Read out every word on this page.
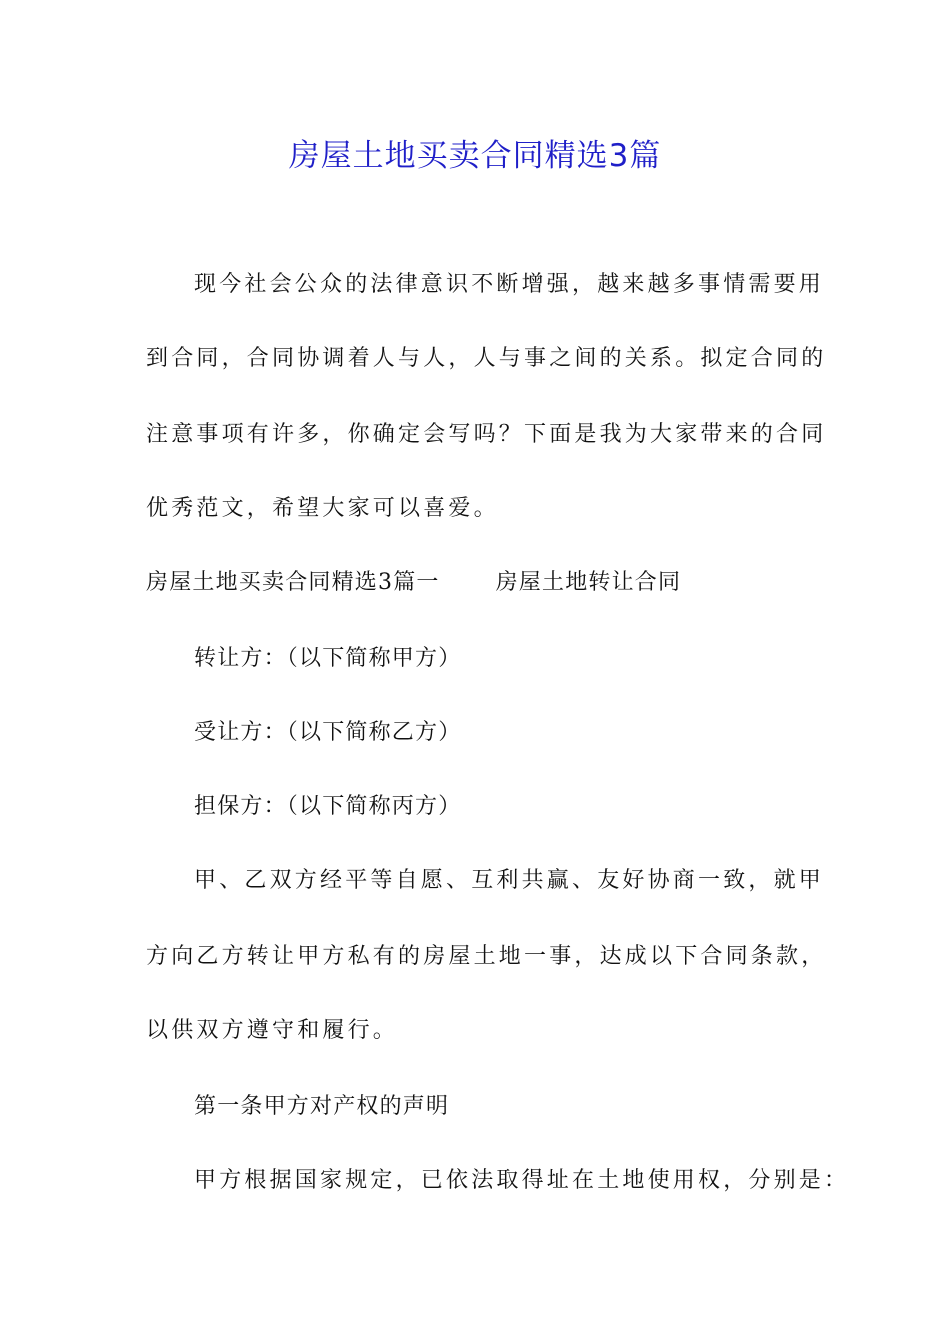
房屋土地买卖合同精选3篇
现今社会公众的法律意识不断增强，越来越多事情需要用
到合同，合同协调着人与人，人与事之间的关系。拟定合同的
注意事项有许多，你确定会写吗？下面是我为大家带来的合同
优秀范文，希望大家可以喜爱。
房屋土地买卖合同精选3篇一	房屋土地转让合同
转让方：（以下简称甲方）
受让方：（以下简称乙方）
担保方：（以下简称丙方）
甲、乙双方经平等自愿、互利共赢、友好协商一致，就甲
方向乙方转让甲方私有的房屋土地一事，达成以下合同条款，
以供双方遵守和履行。
第一条甲方对产权的声明
甲方根据国家规定，已依法取得址在土地使用权，分别是：
